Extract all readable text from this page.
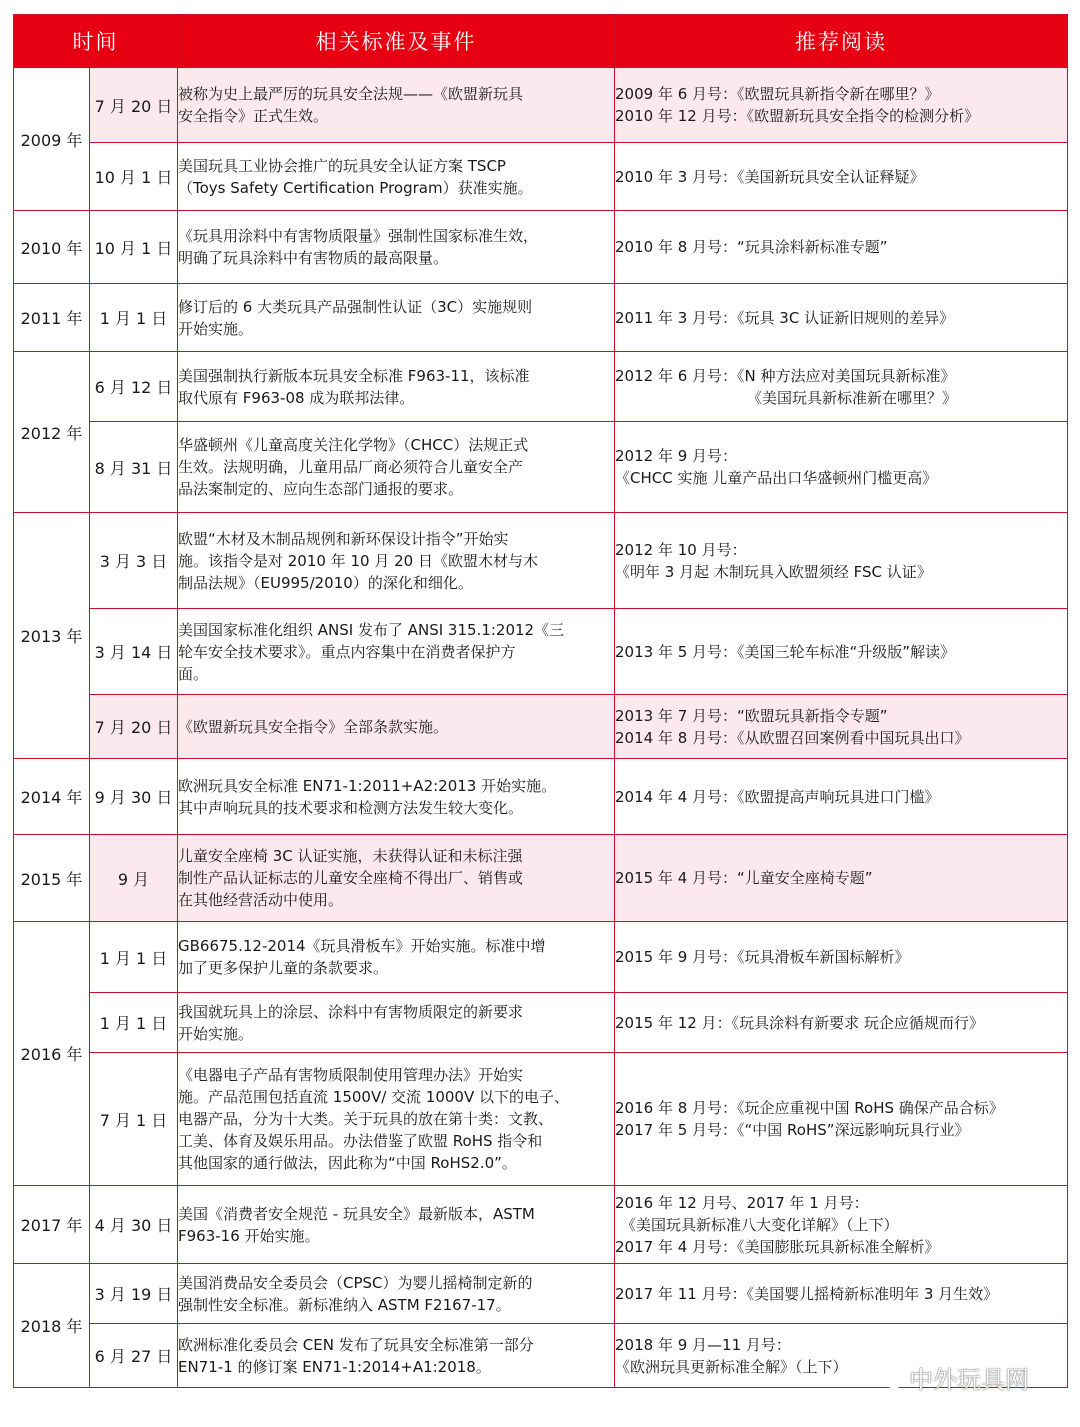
时间		相关标准及事件	推荐阅读
2009 年	7 月 20 日	被称为史上最严厉的玩具安全法规——《欧盟新玩具
安全指令》正式生效。	2009 年 6 月号：《欧盟玩具新指令新在哪里？》
2010 年 12 月号：《欧盟新玩具安全指令的检测分析》

	10 月 1 日	美国玩具工业协会推广的玩具安全认证方案 TSCP
（Toys Safety Certification Program）获准实施。	2010 年 3 月号：《美国新玩具安全认证释疑》

2010 年	10 月 1 日	《玩具用涂料中有害物质限量》强制性国家标准生效，
明确了玩具涂料中有害物质的最高限量。	2010 年 8 月号：“玩具涂料新标准专题”

2011 年	1 月 1 日	修订后的 6 大类玩具产品强制性认证（3C）实施规则
开始实施。	2011 年 3 月号：《玩具 3C 认证新旧规则的差异》

2012 年	6 月 12 日	美国强制执行新版本玩具安全标准 F963-11，该标准
取代原有 F963-08 成为联邦法律。	2012 年 6 月号：《N 种方法应对美国玩具新标准》
《美国玩具新标准新在哪里？》

	8 月 31 日	华盛顿州《儿童高度关注化学物》（CHCC）法规正式
生效。法规明确，儿童用品厂商必须符合儿童安全产
品法案制定的、应向生态部门通报的要求。	2012 年 9 月号：
《CHCC 实施 儿童产品出口华盛顿州门槛更高》

2013 年	3 月 3 日	欧盟“木材及木制品规例和新环保设计指令”开始实
施。该指令是对 2010 年 10 月 20 日《欧盟木材与木
制品法规》（EU995/2010）的深化和细化。	2012 年 10 月号：
《明年 3 月起 木制玩具入欧盟须经 FSC 认证》

	3 月 14 日	美国国家标准化组织 ANSI 发布了 ANSI 315.1:2012《三
轮车安全技术要求》。重点内容集中在消费者保护方
面。	2013 年 5 月号：《美国三轮车标准“升级版”解读》

	7 月 20 日	《欧盟新玩具安全指令》全部条款实施。	2013 年 7 月号：“欧盟玩具新指令专题”
2014 年 8 月号：《从欧盟召回案例看中国玩具出口》

2014 年	9 月 30 日	欧洲玩具安全标准 EN71-1:2011+A2:2013 开始实施。
其中声响玩具的技术要求和检测方法发生较大变化。	2014 年 4 月号：《欧盟提高声响玩具进口门槛》

2015 年	9 月	儿童安全座椅 3C 认证实施，未获得认证和未标注强
制性产品认证标志的儿童安全座椅不得出厂、销售或
在其他经营活动中使用。	2015 年 4 月号：“儿童安全座椅专题”

2016 年	1 月 1 日	GB6675.12-2014《玩具滑板车》开始实施。标准中增
加了更多保护儿童的条款要求。	2015 年 9 月号：《玩具滑板车新国标解析》

	1 月 1 日	我国就玩具上的涂层、涂料中有害物质限定的新要求
开始实施。	2015 年 12 月：《玩具涂料有新要求 玩企应循规而行》

	7 月 1 日	《电器电子产品有害物质限制使用管理办法》开始实
施。产品范围包括直流 1500V/ 交流 1000V 以下的电子、
电器产品，分为十大类。关于玩具的放在第十类：文教、
工美、体育及娱乐用品。办法借鉴了欧盟 RoHS 指令和
其他国家的通行做法，因此称为“中国 RoHS2.0”。	2016 年 8 月号：《玩企应重视中国 RoHS 确保产品合标》
2017 年 5 月号：《“中国 RoHS”深远影响玩具行业》

2017 年	4 月 30 日	美国《消费者安全规范 - 玩具安全》最新版本，ASTM
F963-16 开始实施。	2016 年 12 月号、2017 年 1 月号：
《美国玩具新标准八大变化详解》（上下）
2017 年 4 月号：《美国膨胀玩具新标准全解析》

2018 年	3 月 19 日	美国消费品安全委员会（CPSC）为婴儿摇椅制定新的
强制性安全标准。新标准纳入 ASTM F2167-17。	2017 年 11 月号：《美国婴儿摇椅新标准明年 3 月生效》

	6 月 27 日	欧洲标准化委员会 CEN 发布了玩具安全标准第一部分
EN71-1 的修订案 EN71-1:2014+A1:2018。	2018 年 9 月—11 月号：
《欧洲玩具更新标准全解》（上下）	中外玩具网
